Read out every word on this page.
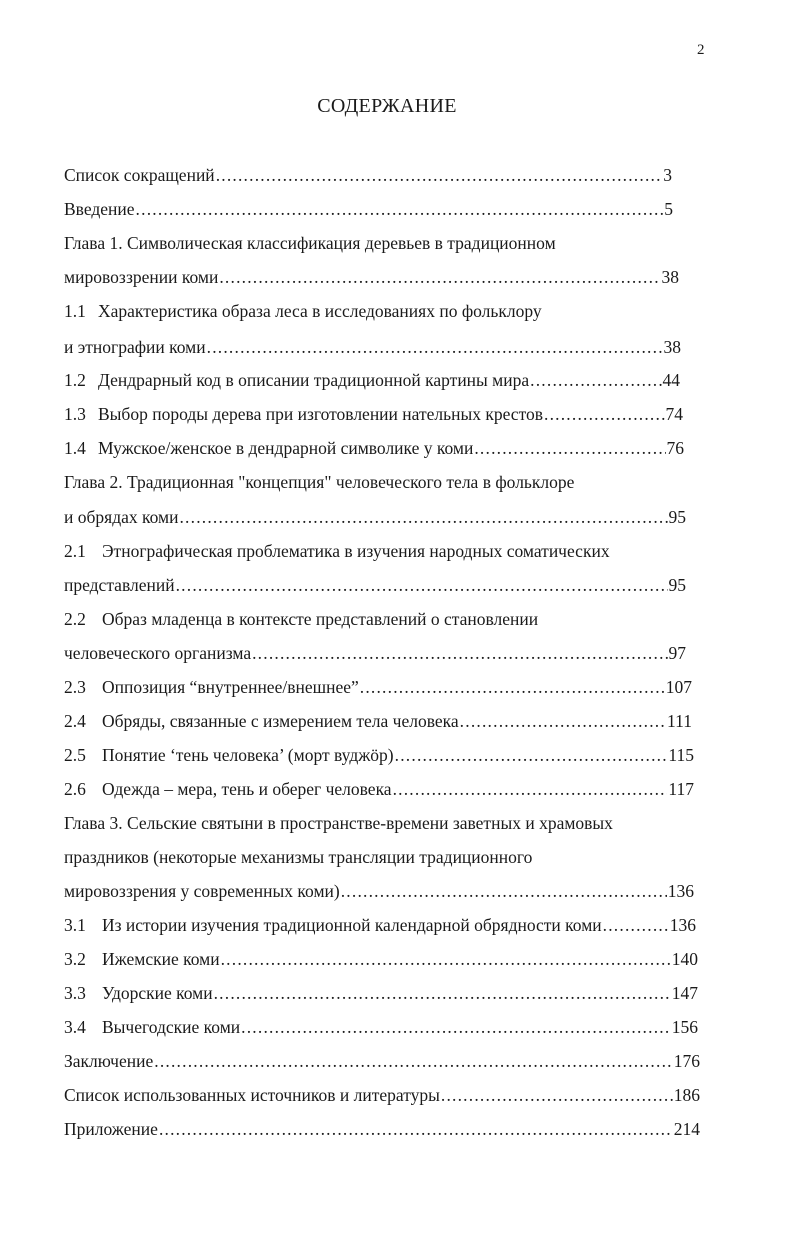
2
СОДЕРЖАНИЕ
Список сокращений .....	3
Введение .....	5
Глава 1. Символическая классификация деревьев в традиционном
мировоззрении коми .....	38
1.1 Характеристика образа леса в исследованиях по фольклору
и этнографии коми .....	38
1.2 Дендрарный код в описании традиционной картины мира .....	44
1.3 Выбор породы дерева при изготовлении нательных крестов .....	74
1.4 Мужское/женское в дендрарной символике у коми .....	76
Глава 2. Традиционная "концепция" человеческого тела в фольклоре
и обрядах коми .....	95
2.1 Этнографическая проблематика в изучения народных соматических
представлений .....	95
2.2 Образ младенца в контексте представлений о становлении
человеческого организма .....	97
2.3 Оппозиция “внутреннее/внешнее” .....	107
2.4 Обряды, связанные с измерением тела человека .....	111
2.5 Понятие ‘тень человека’ (морт вуджӧр) .....	115
2.6 Одежда – мера, тень и оберег человека .....	117
Глава 3. Сельские святыни в пространстве-времени заветных и храмовых
праздников (некоторые механизмы трансляции традиционного
мировоззрения у современных коми) .....	136
3.1 Из истории изучения традиционной календарной обрядности коми .....	136
3.2 Ижемские коми .....	140
3.3 Удорские коми .....	147
3.4 Вычегодские коми .....	156
Заключение .....	176
Список использованных источников и литературы .....	186
Приложение .....	214
